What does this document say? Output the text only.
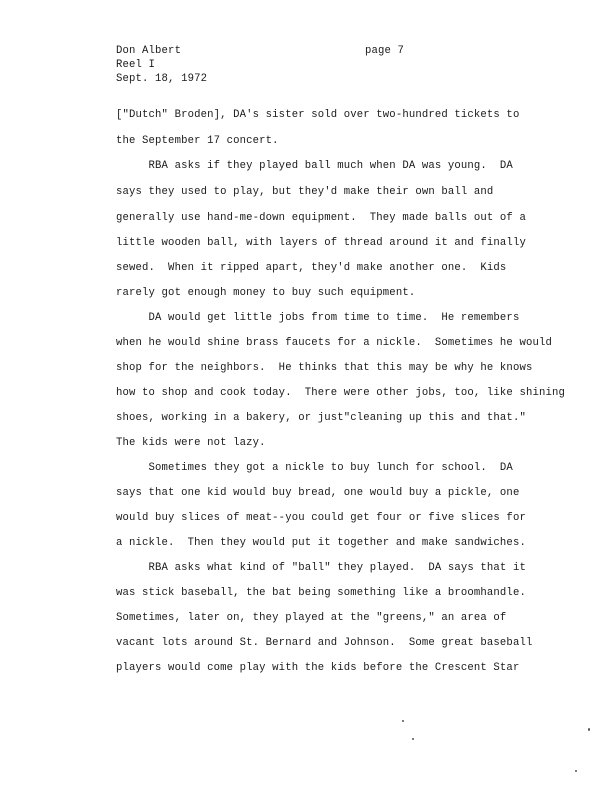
Don Albert
Reel I
Sept. 18, 1972
page 7
["Dutch" Broden], DA's sister sold over two-hundred tickets to
the September 17 concert.
RBA asks if they played ball much when DA was young.  DA
says they used to play, but they'd make their own ball and
generally use hand-me-down equipment.  They made balls out of a
little wooden ball, with layers of thread around it and finally
sewed.  When it ripped apart, they'd make another one.  Kids
rarely got enough money to buy such equipment.
DA would get little jobs from time to time.  He remembers
when he would shine brass faucets for a nickle.  Sometimes he would
shop for the neighbors.  He thinks that this may be why he knows
how to shop and cook today.  There were other jobs, too, like shining
shoes, working in a bakery, or just"cleaning up this and that."
The kids were not lazy.
Sometimes they got a nickle to buy lunch for school.  DA
says that one kid would buy bread, one would buy a pickle, one
would buy slices of meat--you could get four or five slices for
a nickle.  Then they would put it together and make sandwiches.
RBA asks what kind of "ball" they played.  DA says that it
was stick baseball, the bat being something like a broomhandle.
Sometimes, later on, they played at the "greens," an area of
vacant lots around St. Bernard and Johnson.  Some great baseball
players would come play with the kids before the Crescent Star
